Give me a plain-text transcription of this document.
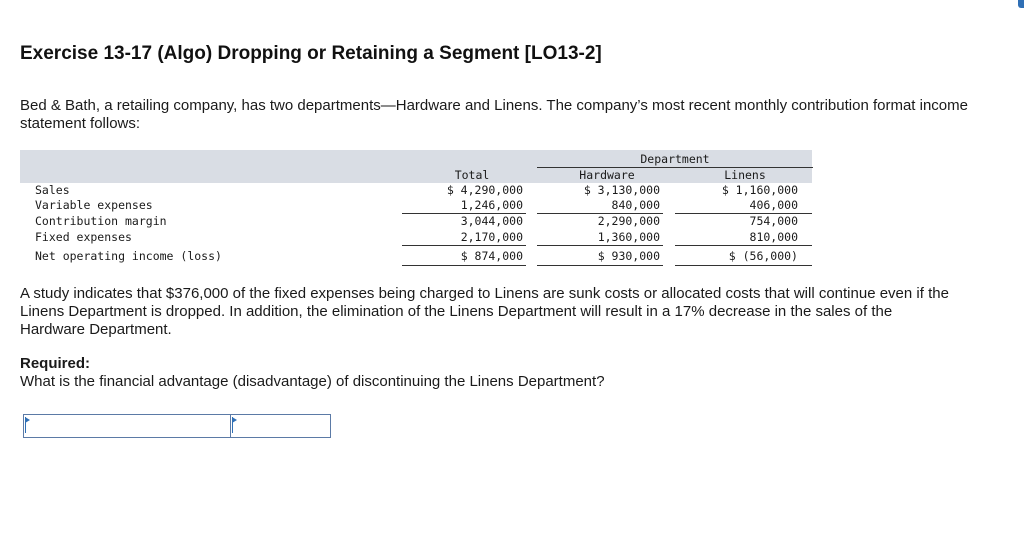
Exercise 13-17 (Algo) Dropping or Retaining a Segment [LO13-2]
Bed & Bath, a retailing company, has two departments—Hardware and Linens. The company’s most recent monthly contribution format income statement follows:
Department
Total	Hardware	Linens
Sales	$ 4,290,000	$ 3,130,000	$ 1,160,000
Variable expenses	1,246,000	840,000	406,000
Contribution margin	3,044,000	2,290,000	754,000
Fixed expenses	2,170,000	1,360,000	810,000
Net operating income (loss)	$ 874,000	$ 930,000	$ (56,000)
A study indicates that $376,000 of the fixed expenses being charged to Linens are sunk costs or allocated costs that will continue even if the Linens Department is dropped. In addition, the elimination of the Linens Department will result in a 17% decrease in the sales of the Hardware Department.
Required:
What is the financial advantage (disadvantage) of discontinuing the Linens Department?
